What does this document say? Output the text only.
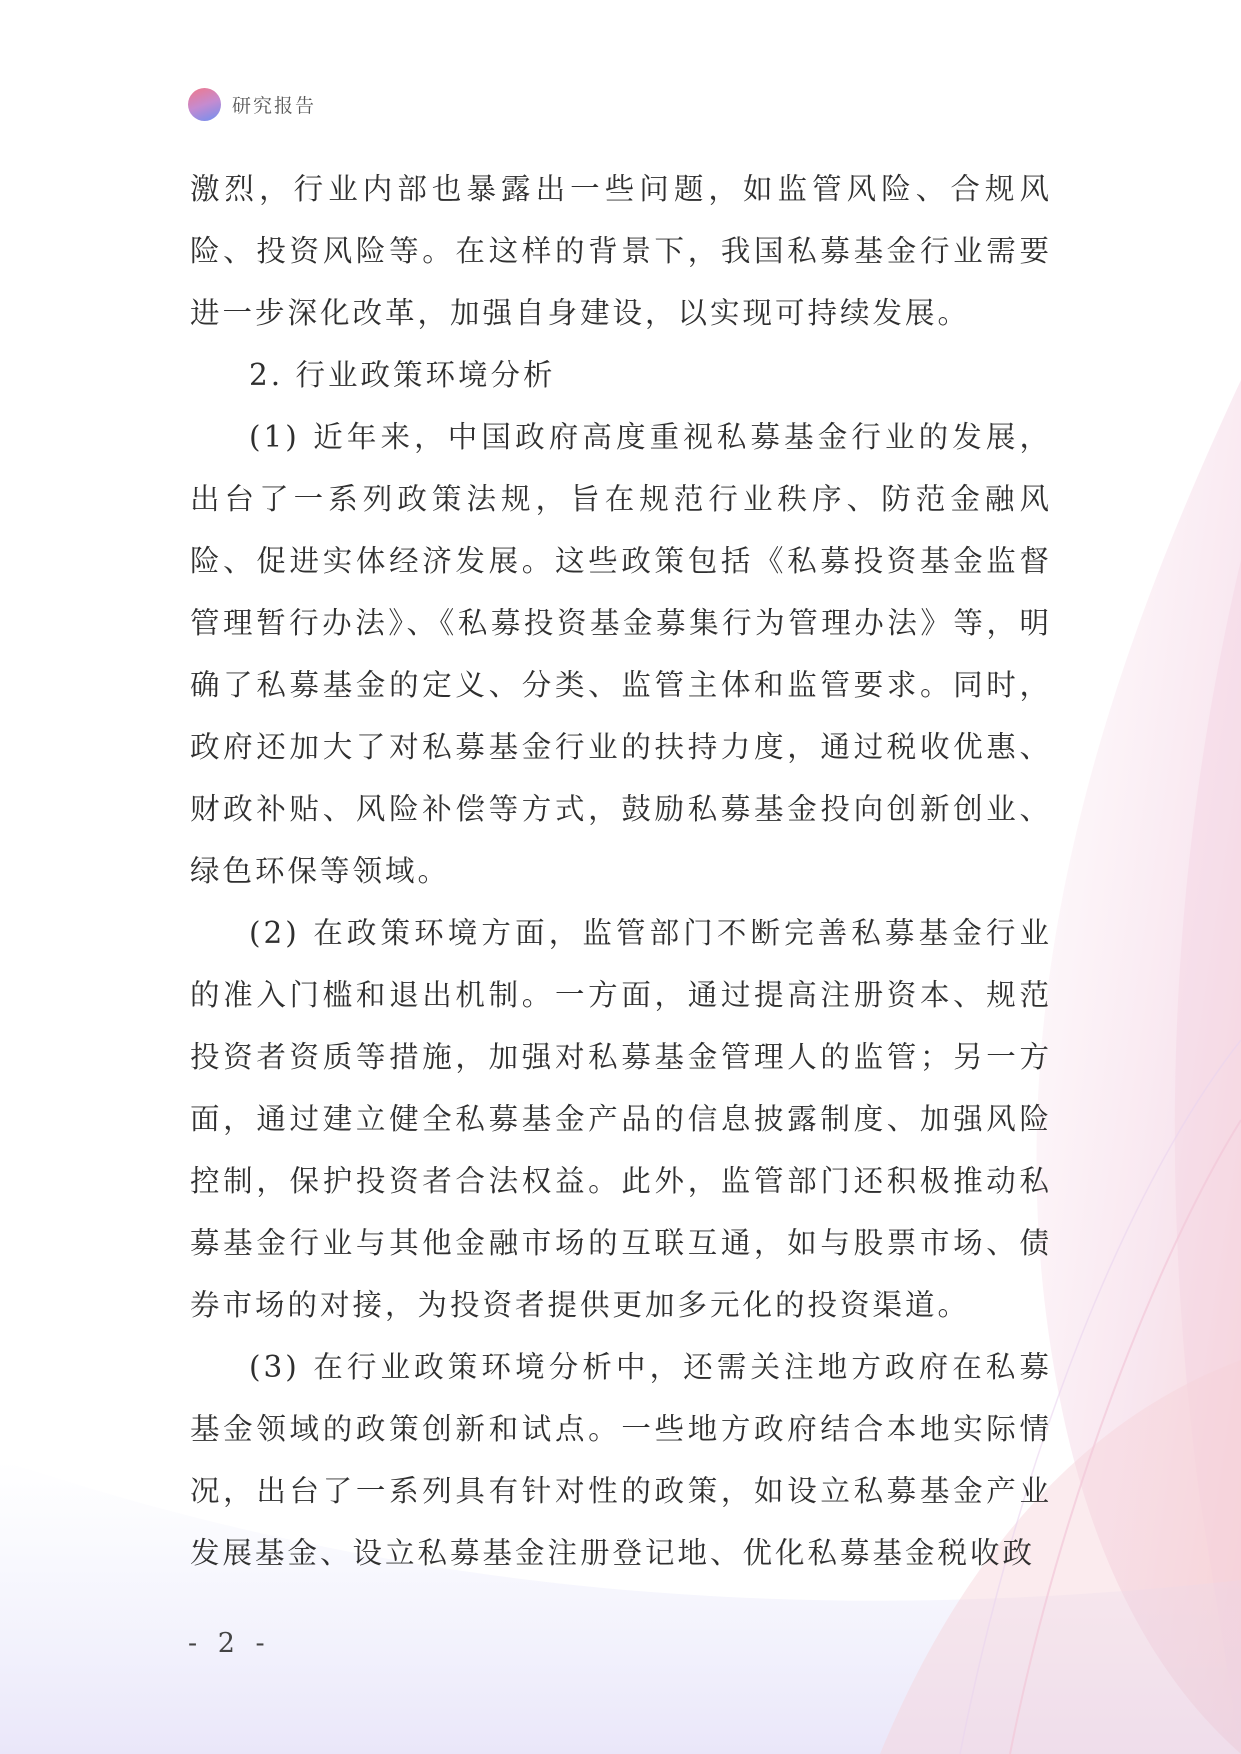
研究报告

激烈，行业内部也暴露出一些问题，如监管风险、合规风险、投资风险等。在这样的背景下，我国私募基金行业需要进一步深化改革，加强自身建设，以实现可持续发展。

2. 行业政策环境分析

(1) 近年来，中国政府高度重视私募基金行业的发展，出台了一系列政策法规，旨在规范行业秩序、防范金融风险、促进实体经济发展。这些政策包括《私募投资基金监督管理暂行办法》、《私募投资基金募集行为管理办法》等，明确了私募基金的定义、分类、监管主体和监管要求。同时，政府还加大了对私募基金行业的扶持力度，通过税收优惠、财政补贴、风险补偿等方式，鼓励私募基金投向创新创业、绿色环保等领域。

(2) 在政策环境方面，监管部门不断完善私募基金行业的准入门槛和退出机制。一方面，通过提高注册资本、规范投资者资质等措施，加强对私募基金管理人的监管；另一方面，通过建立健全私募基金产品的信息披露制度、加强风险控制，保护投资者合法权益。此外，监管部门还积极推动私募基金行业与其他金融市场的互联互通，如与股票市场、债券市场的对接，为投资者提供更加多元化的投资渠道。

(3) 在行业政策环境分析中，还需关注地方政府在私募基金领域的政策创新和试点。一些地方政府结合本地实际情况，出台了一系列具有针对性的政策，如设立私募基金产业发展基金、设立私募基金注册登记地、优化私募基金税收政

- 2 -
